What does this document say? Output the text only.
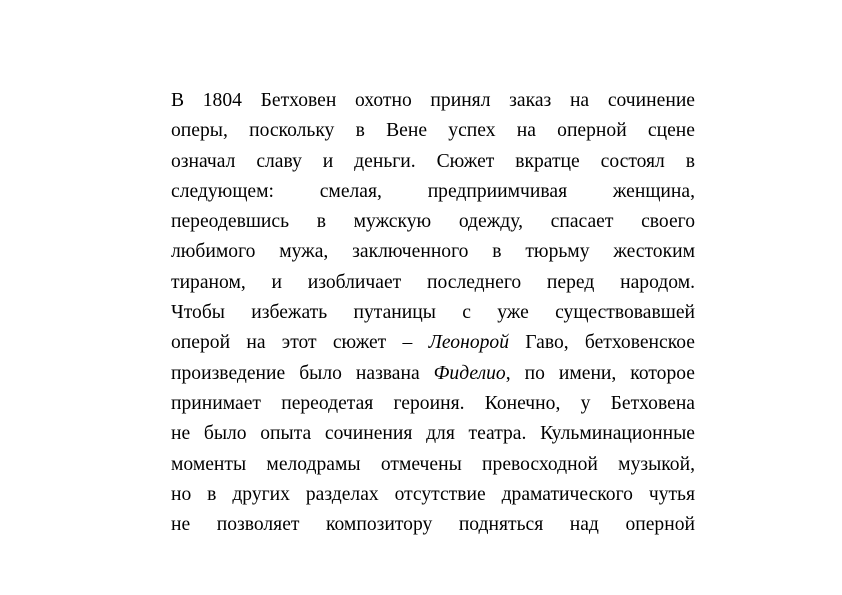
В 1804 Бетховен охотно принял заказ на сочинение
оперы, поскольку в Вене успех на оперной сцене
означал славу и деньги. Сюжет вкратце состоял в
следующем: смелая, предприимчивая женщина,
переодевшись в мужскую одежду, спасает своего
любимого мужа, заключенного в тюрьму жестоким
тираном, и изобличает последнего перед народом.
Чтобы избежать путаницы с уже существовавшей
оперой на этот сюжет – Леонорой Гаво, бетховенское
произведение было названа Фиделио, по имени, которое
принимает переодетая героиня. Конечно, у Бетховена
не было опыта сочинения для театра. Кульминационные
моменты мелодрамы отмечены превосходной музыкой,
но в других разделах отсутствие драматического чутья
не позволяет композитору подняться над оперной
